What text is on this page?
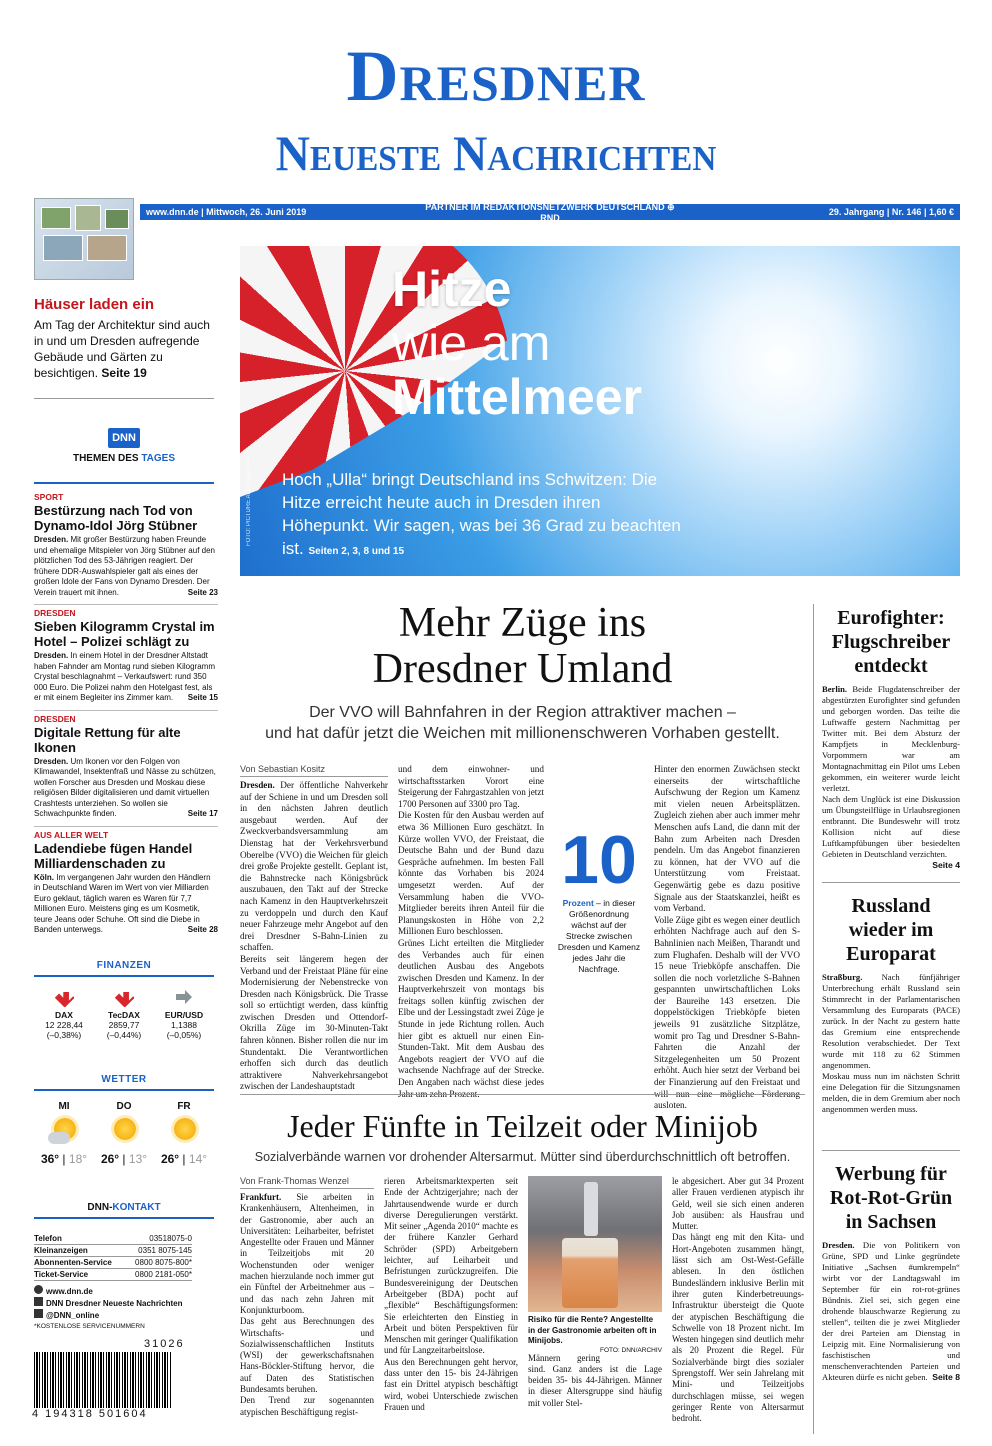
Dresdner
Neueste Nachrichten
www.dnn.de | Mittwoch, 26. Juni 2019
PARTNER IM REDAKTIONSNETZWERK DEUTSCHLAND ⊕ RND
29. Jahrgang | Nr. 146 | 1,60 €
Häuser laden ein
Am Tag der Architektur sind auch in und um Dresden aufregende Gebäude und Gärten zu besichtigen. Seite 19
DNN
THEMEN DES TAGES
SPORT
Bestürzung nach Tod von Dynamo-Idol Jörg Stübner
Dresden. Mit großer Bestürzung haben Freunde und ehemalige Mitspieler von Jörg Stübner auf den plötzlichen Tod des 53-Jährigen reagiert. Der frühere DDR-Auswahlspieler galt als eines der großen Idole der Fans von Dynamo Dresden. Der Verein trauert mit ihnen.	Seite 23
DRESDEN
Sieben Kilogramm Crystal im Hotel – Polizei schlägt zu
Dresden. In einem Hotel in der Dresdner Altstadt haben Fahnder am Montag rund sieben Kilogramm Crystal beschlagnahmt – Verkaufswert: rund 350 000 Euro. Die Polizei nahm den Hotelgast fest, als er mit einem Begleiter ins Zimmer kam. Seite 15
DRESDEN
Digitale Rettung für alte Ikonen
Dresden. Um Ikonen vor den Folgen von Klimawandel, Insektenfraß und Nässe zu schützen, wollen Forscher aus Dresden und Moskau diese religiösen Bilder digitalisieren und damit virtuellen Crashtests unterziehen. So wollen sie Schwachpunkte finden.	Seite 17
AUS ALLER WELT
Ladendiebe fügen Handel Milliardenschaden zu
Köln. Im vergangenen Jahr wurden den Händlern in Deutschland Waren im Wert von vier Milliarden Euro geklaut, täglich waren es Waren für 7,7 Millionen Euro. Meistens ging es um Kosmetik, teure Jeans oder Schuhe. Oft sind die Diebe in Banden unterwegs.	Seite 28
FINANZEN
DAX
12 228,44
(–0,38%)
TecDAX
2859,77
(–0,44%)
EUR/USD
1,1388
(–0,05%)
WETTER
MI
36° | 18°
DO
26° | 13°
FR
26° | 14°
DNN-KONTAKT
Telefon	03518075-0
Kleinanzeigen	0351 8075-145
Abonnenten-Service	0800 8075-800*
Ticket-Service	0800 2181-050*
www.dnn.de
DNN Dresdner Neueste Nachrichten
@DNN_online
*KOSTENLOSE SERVICENUMMERN
31026
4 194318 501604
Hitze
wie am
Mittelmeer
Hoch „Ulla“ bringt Deutschland ins Schwitzen: Die Hitze erreicht heute auch in Dresden ihren Höhepunkt. Wir sagen, was bei 36 Grad zu beachten ist. Seiten 2, 3, 8 und 15
FOTO: PICTURE ALLIANCE/DPA
Mehr Züge ins
Dresdner Umland
Der VVO will Bahnfahren in der Region attraktiver machen –
und hat dafür jetzt die Weichen mit millionenschweren Vorhaben gestellt.
Von Sebastian Kositz
Dresden. Der öffentliche Nahverkehr auf der Schiene in und um Dresden soll in den nächsten Jahren deutlich ausgebaut werden. Auf der Zweckverbandsversammlung am Dienstag hat der Verkehrsverbund Oberelbe (VVO) die Weichen für gleich drei große Projekte gestellt. Geplant ist, die Bahnstrecke nach Königsbrück auszubauen, den Takt auf der Strecke nach Kamenz in den Hauptverkehrszeit zu verdoppeln und durch den Kauf neuer Fahrzeuge mehr Angebot auf den drei Dresdner S-Bahn-Linien zu schaffen.
Bereits seit längerem hegen der Verband und der Freistaat Pläne für eine Modernisierung der Nebenstrecke von Dresden nach Königsbrück. Die Trasse soll so ertüchtigt werden, dass künftig zwischen Dresden und Ottendorf-Okrilla Züge im 30-Minuten-Takt fahren können. Bisher rollen die nur im Stundentakt. Die Verantwortlichen erhoffen sich durch das deutlich attraktivere Nahverkehrsangebot zwischen der Landeshauptstadt
und dem einwohner- und wirtschaftsstarken Vorort eine Steigerung der Fahrgastzahlen von jetzt 1700 Personen auf 3300 pro Tag.
Die Kosten für den Ausbau werden auf etwa 36 Millionen Euro geschätzt. In Kürze wollen VVO, der Freistaat, die Deutsche Bahn und der Bund dazu Gespräche aufnehmen. Im besten Fall könnte das Vorhaben bis 2024 umgesetzt werden. Auf der Versammlung haben die VVO-Mitglieder bereits ihren Anteil für die Planungskosten in Höhe von 2,2 Millionen Euro beschlossen.
Grünes Licht erteilten die Mitglieder des Verbandes auch für einen deutlichen Ausbau des Angebots zwischen Dresden und Kamenz. In der Hauptverkehrszeit von montags bis freitags sollen künftig zwischen der Elbe und der Lessingstadt zwei Züge je Stunde in jede Richtung rollen. Auch hier gibt es aktuell nur einen Ein-Stunden-Takt. Mit dem Ausbau des Angebots reagiert der VVO auf die wachsende Nachfrage auf der Strecke. Den Angaben nach wächst diese jedes Jahr um zehn Prozent.
10
Prozent – in dieser Größenordnung wächst auf der Strecke zwischen Dresden und Kamenz jedes Jahr die Nachfrage.
Hinter den enormen Zuwächsen steckt einerseits der wirtschaftliche Aufschwung der Region um Kamenz mit vielen neuen Arbeitsplätzen. Zugleich ziehen aber auch immer mehr Menschen aufs Land, die dann mit der Bahn zum Arbeiten nach Dresden pendeln. Um das Angebot finanzieren zu können, hat der VVO auf die Unterstützung vom Freistaat. Gegenwärtig gebe es dazu positive Signale aus der Staatskanzlei, heißt es vom Verband.
Volle Züge gibt es wegen einer deutlich erhöhten Nachfrage auch auf den S-Bahnlinien nach Meißen, Tharandt und zum Flughafen. Deshalb will der VVO 15 neue Triebköpfe anschaffen. Die sollen die noch vorletzliche S-Bahnen gespannten unwirtschaftlichen Loks der Baureihe 143 ersetzen. Die doppelstöckigen Triebköpfe bieten jeweils 91 zusätzliche Sitzplätze, womit pro Tag und Dresdner S-Bahn-Fahrten die Anzahl der Sitzgelegenheiten um 50 Prozent erhöht. Auch hier setzt der Verband bei der Finanzierung auf den Freistaat und will nun eine mögliche Förderung ausloten.
Jeder Fünfte in Teilzeit oder Minijob
Sozialverbände warnen vor drohender Altersarmut. Mütter sind überdurchschnittlich oft betroffen.
Von Frank-Thomas Wenzel
Frankfurt. Sie arbeiten in Krankenhäusern, Altenheimen, in der Gastronomie, aber auch an Universitäten: Leiharbeiter, befristet Angestellte oder Frauen und Männer in Teilzeitjobs mit 20 Wochenstunden oder weniger machen hierzulande noch immer gut ein Fünftel der Arbeitnehmer aus – und das nach zehn Jahren mit Konjunkturboom.
Das geht aus Berechnungen des Wirtschafts- und Sozialwissenschaftlichen Instituts (WSI) der gewerkschaftsnahen Hans-Böckler-Stiftung hervor, die auf Daten des Statistischen Bundesamts beruhen.
Den Trend zur sogenannten atypischen Beschäftigung regist-
rieren Arbeitsmarktexperten seit Ende der Achtzigerjahre; nach der Jahrtausendwende wurde er durch diverse Deregulierungen verstärkt. Mit seiner „Agenda 2010“ machte es der frühere Kanzler Gerhard Schröder (SPD) Arbeitgebern leichter, auf Leiharbeit und Befristungen zurückzugreifen. Die Bundesvereinigung der Deutschen Arbeitgeber (BDA) pocht auf „flexible“ Beschäftigungsformen: Sie erleichterten den Einstieg in Arbeit und böten Perspektiven für Menschen mit geringer Qualifikation und für Langzeitarbeitslose.
Aus den Berechnungen geht hervor, dass unter den 15- bis 24-Jährigen fast ein Drittel atypisch beschäftigt wird, wobei Unterschiede zwischen Frauen und
Risiko für die Rente? Angestellte in der Gastronomie arbeiten oft in Minijobs.
FOTO: DNN/ARCHIV
Männern gering sind. Ganz anders ist die Lage beiden 35- bis 44-Jährigen. Männer in dieser Altersgruppe sind häufig mit voller Stel-
le abgesichert. Aber gut 34 Prozent aller Frauen verdienen atypisch ihr Geld, weil sie sich einen anderen Job ausüben: als Hausfrau und Mutter.
Das hängt eng mit den Kita- und Hort-Angeboten zusammen hängt, lässt sich am Ost-West-Gefälle ablesen. In den östlichen Bundesländern inklusive Berlin mit ihrer guten Kinderbetreuungs-Infrastruktur übersteigt die Quote der atypischen Beschäftigung die Schwelle von 18 Prozent nicht. Im Westen hingegen sind deutlich mehr als 20 Prozent die Regel. Für Sozialverbände birgt dies sozialer Sprengstoff. Wer sein Jahrelang mit Mini- und Teilzeitjobs durchschlagen müsse, sei wegen geringer Rente von Altersarmut bedroht.
Eurofighter: Flugschreiber entdeckt
Berlin. Beide Flugdatenschreiber der abgestürzten Eurofighter sind gefunden und geborgen worden. Das teilte die Luftwaffe gestern Nachmittag per Twitter mit. Bei dem Absturz der Kampfjets in Mecklenburg-Vorpommern war am Montagnachmittag ein Pilot ums Leben gekommen, ein weiterer wurde leicht verletzt.
Nach dem Unglück ist eine Diskussion um Übungsteilflüge in Urlaubsregionen entbrannt. Die Bundeswehr will trotz Kollision nicht auf diese Luftkampfübungen über besiedelten Gebieten in Deutschland verzichten.
Seite 4
Russland wieder im Europarat
Straßburg. Nach fünfjähriger Unterbrechung erhält Russland sein Stimmrecht in der Parlamentarischen Versammlung des Europarats (PACE) zurück. In der Nacht zu gestern hatte das Gremium eine entsprechende Resolution verabschiedet. Der Text wurde mit 118 zu 62 Stimmen angenommen.
Moskau muss nun im nächsten Schritt eine Delegation für die Sitzungsnamen melden, die in dem Gremium aber noch angenommen werden muss.
Werbung für Rot-Rot-Grün in Sachsen
Dresden. Die von Politikern von Grüne, SPD und Linke gegründete Initiative „Sachsen #umkrempeln“ wirbt vor der Landtagswahl im September für ein rot-rot-grünes Bündnis. Ziel sei, sich gegen eine drohende blauschwarze Regierung zu stellen“, teilten die je zwei Mitglieder der drei Parteien am Dienstag in Leipzig mit. Eine Normalisierung von faschistischen und menschenverachtenden Parteien und Akteuren dürfe es nicht geben. Seite 8
